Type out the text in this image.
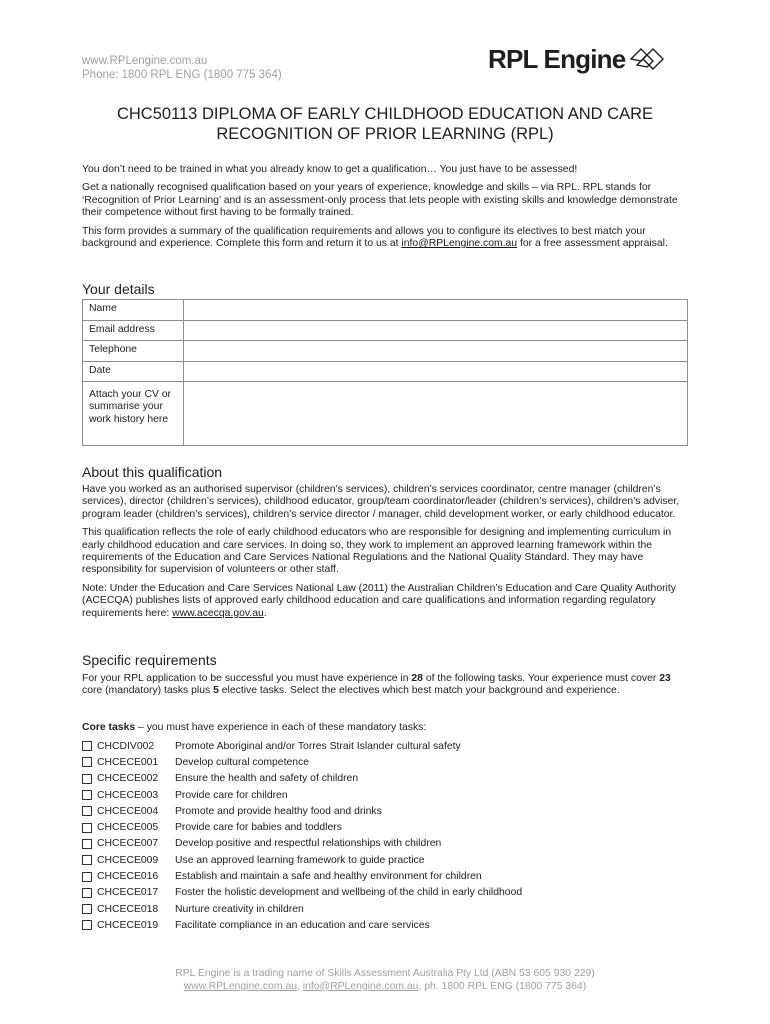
www.RPLengine.com.au
Phone: 1800 RPL ENG (1800 775 364)
RPL Engine
CHC50113 DIPLOMA OF EARLY CHILDHOOD EDUCATION AND CARE
RECOGNITION OF PRIOR LEARNING (RPL)

You don’t need to be trained in what you already know to get a qualification… You just have to be assessed!

Get a nationally recognised qualification based on your years of experience, knowledge and skills – via RPL. RPL stands for ‘Recognition of Prior Learning’ and is an assessment-only process that lets people with existing skills and knowledge demonstrate their competence without first having to be formally trained.

This form provides a summary of the qualification requirements and allows you to configure its electives to best match your background and experience. Complete this form and return it to us at info@RPLengine.com.au for a free assessment appraisal.

Your details
Name	
Email address	
Telephone	
Date	
Attach your CV or summarise your work history here	
About this qualification

Have you worked as an authorised supervisor (children’s services), children’s services coordinator, centre manager (children’s services), director (children’s services), childhood educator, group/team coordinator/leader (children’s services), children’s adviser, program leader (children’s services), children’s service director / manager, child development worker, or early childhood educator.

This qualification reflects the role of early childhood educators who are responsible for designing and implementing curriculum in early childhood education and care services. In doing so, they work to implement an approved learning framework within the requirements of the Education and Care Services National Regulations and the National Quality Standard. They may have responsibility for supervision of volunteers or other staff.

Note: Under the Education and Care Services National Law (2011) the Australian Children’s Education and Care Quality Authority (ACECQA) publishes lists of approved early childhood education and care qualifications and information regarding regulatory requirements here: www.acecqa.gov.au.

Specific requirements

For your RPL application to be successful you must have experience in 28 of the following tasks. Your experience must cover 23 core (mandatory) tasks plus 5 elective tasks. Select the electives which best match your background and experience.

Core tasks – you must have experience in each of these mandatory tasks:
CHCDIV002	Promote Aboriginal and/or Torres Strait Islander cultural safety
CHCECE001	Develop cultural competence
CHCECE002	Ensure the health and safety of children
CHCECE003	Provide care for children
CHCECE004	Promote and provide healthy food and drinks
CHCECE005	Provide care for babies and toddlers
CHCECE007	Develop positive and respectful relationships with children
CHCECE009	Use an approved learning framework to guide practice
CHCECE016	Establish and maintain a safe and healthy environment for children
CHCECE017	Foster the holistic development and wellbeing of the child in early childhood
CHCECE018	Nurture creativity in children
CHCECE019	Facilitate compliance in an education and care services
RPL Engine is a trading name of Skills Assessment Australia Pty Ltd (ABN 53 605 930 229)
www.RPLengine.com.au, info@RPLengine.com.au, ph. 1800 RPL ENG (1800 775 364)
